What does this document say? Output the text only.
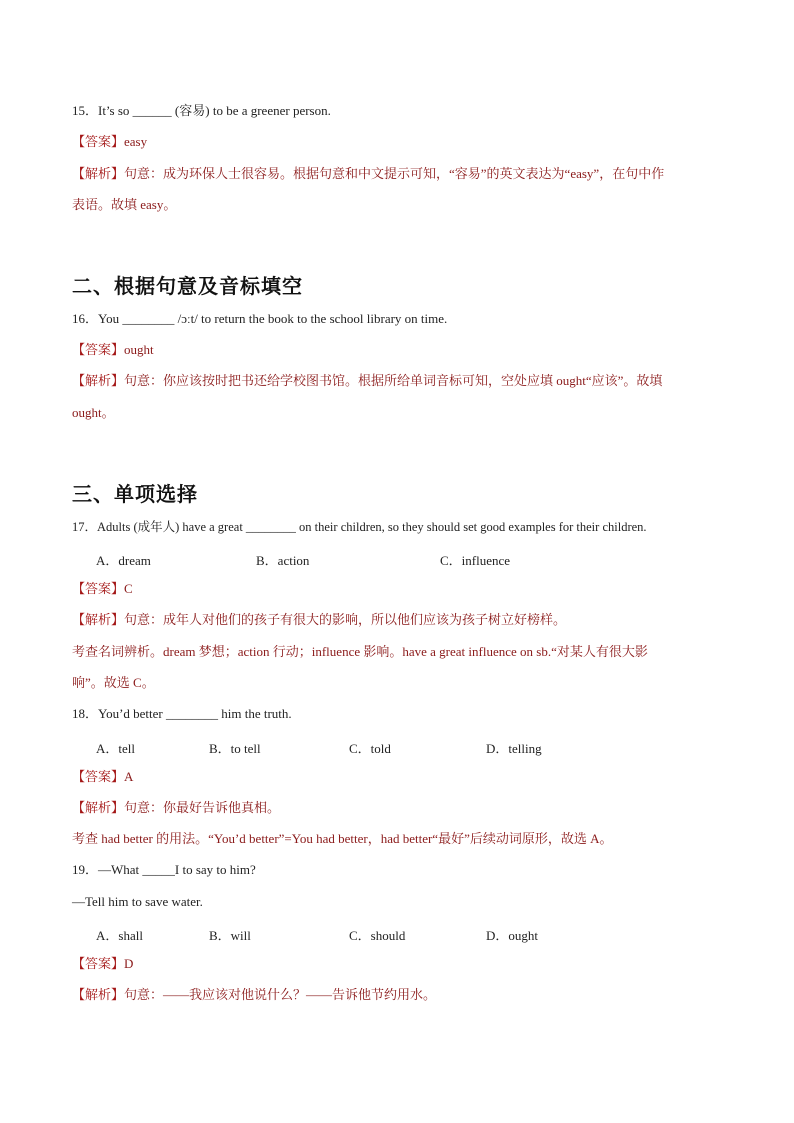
15．It’s so ______ (容易) to be a greener person.
【答案】easy
【解析】句意：成为环保人士很容易。根据句意和中文提示可知，“容易”的英文表达为“easy”，在句中作
表语。故填 easy。
二、根据句意及音标填空
16．You ________ /ɔːt/ to return the book to the school library on time.
【答案】ought
【解析】句意：你应该按时把书还给学校图书馆。根据所给单词音标可知，空处应填 ought“应该”。故填
ought。
三、单项选择
17．Adults (成年人) have a great ________ on their children, so they should set good examples for their children.
A．dream	B．action	C．influence
【答案】C
【解析】句意：成年人对他们的孩子有很大的影响，所以他们应该为孩子树立好榜样。
考查名词辨析。dream 梦想；action 行动；influence 影响。have a great influence on sb.“对某人有很大影
响”。故选 C。
18．You’d better ________ him the truth.
A．tell	B．to tell	C．told	D．telling
【答案】A
【解析】句意：你最好告诉他真相。
考查 had better 的用法。“You’d better”=You had better，had better“最好”后续动词原形，故选 A。
19．—What _____I to say to him?
—Tell him to save water.
A．shall	B．will	C．should	D．ought
【答案】D
【解析】句意：——我应该对他说什么？——告诉他节约用水。
